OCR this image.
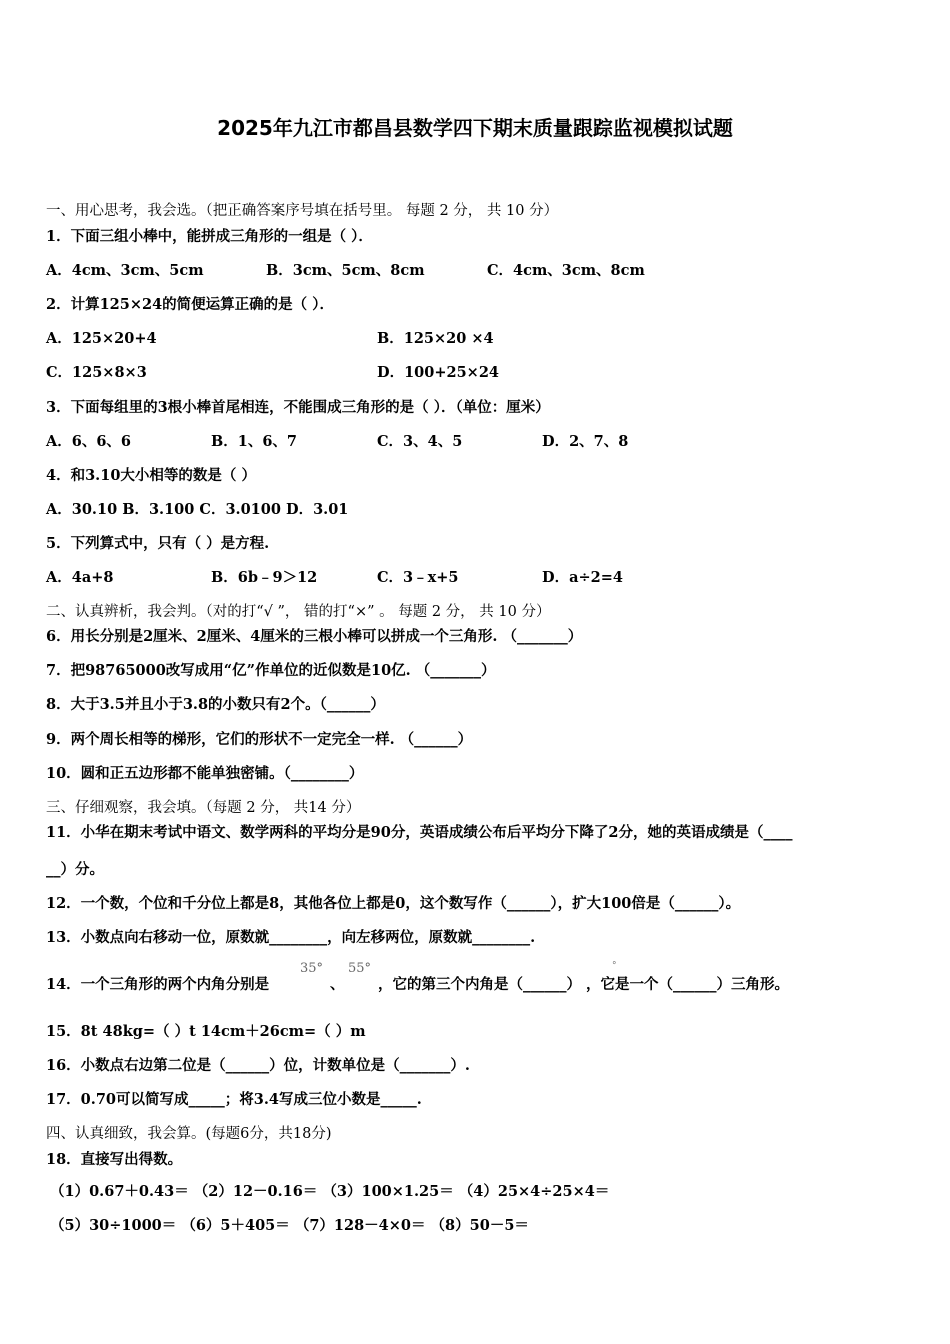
2025年九江市都昌县数学四下期末质量跟踪监视模拟试题
一、用心思考，我会选。（把正确答案序号填在括号里。 每题 2 分， 共 10 分）
1．下面三组小棒中，能拼成三角形的一组是（ ）．
A．4cm、3cm、5cm	B．3cm、5cm、8cm	C．4cm、3cm、8cm
2．计算125×24的简便运算正确的是（ ）．
A．125×20+4	B．125×20 ×4
C．125×8×3	D．100+25×24
3．下面每组里的3根小棒首尾相连，不能围成三角形的是（ ）．（单位：厘米）
A．6、6、6	B．1、6、7	C．3、4、5	D．2、7、8
4．和3.10大小相等的数是（ ）
A．30.10 B．3.100 C．3.0100 D．3.01
5．下列算式中，只有（ ）是方程.
A．4a+8	B．6b﹣9＞12	C．3﹣x+5	D．a÷2=4
二、认真辨析，我会判。（对的打“√ ”， 错的打“×” 。 每题 2 分， 共 10 分）
6．用长分别是2厘米、2厘米、4厘米的三根小棒可以拼成一个三角形. （_______）
7．把98765000改写成用“亿”作单位的近似数是10亿. （_______）
8．大于3.5并且小于3.8的小数只有2个。（______）
9．两个周长相等的梯形，它们的形状不一定完全一样. （______）
10．圆和正五边形都不能单独密铺。（________）
三、仔细观察，我会填。（每题 2 分， 共14 分）
11．小华在期末考试中语文、数学两科的平均分是90分，英语成绩公布后平均分下降了2分，她的英语成绩是（____
__）分。
12．一个数，个位和千分位上都是8，其他各位上都是0，这个数写作（______），扩大100倍是（______）。
13．小数点向右移动一位，原数就________，向左移两位，原数就________.
14．一个三角形的两个内角分别是
35°
、
55°
，它的第三个内角是（______） ，它是一个（______）三角形。
°
15．8t 48kg=（ ）t 14cm＋26cm=（ ）m
16．小数点右边第二位是（______）位，计数单位是（_______）.
17．0.70可以简写成_____；将3.4写成三位小数是_____.
四、认真细致，我会算。(每题6分，共18分)
18．直接写出得数。
（1）0.67＋0.43＝ （2）12－0.16＝ （3）100×1.25＝ （4）25×4÷25×4＝
（5）30÷1000＝ （6）5＋405＝ （7）128－4×0＝ （8）50－5＝
